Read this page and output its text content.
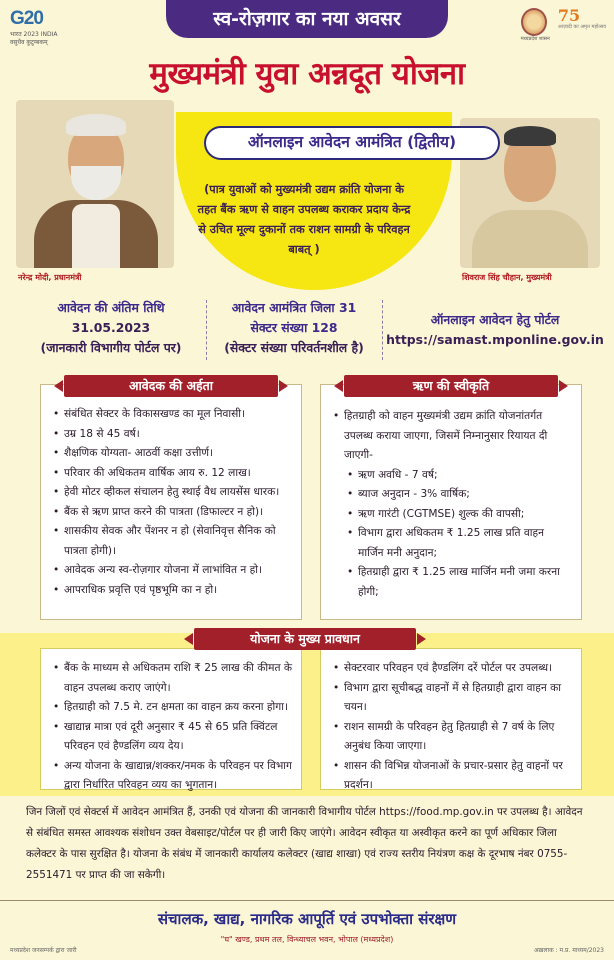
G20
भारत 2023 INDIA
वसुधैव कुटुम्बकम्	मध्यप्रदेश शासन
75
आज़ादी का अमृत महोत्सव
स्व-रोज़गार का नया अवसर
मुख्यमंत्री युवा अन्नदूत योजना
नरेन्द्र मोदी, प्रधानमंत्री	शिवराज सिंह चौहान, मुख्यमंत्री
ऑनलाइन आवेदन आमंत्रित (द्वितीय)
(पात्र युवाओं को मुख्यमंत्री उद्यम क्रांति योजना के तहत बैंक ऋण से वाहन उपलब्ध कराकर प्रदाय केन्द्र से उचित मूल्य दुकानों तक राशन सामग्री के परिवहन बाबत् )
आवेदन की अंतिम तिथि
31.05.2023
(जानकारी विभागीय पोर्टल पर)
आवेदन आमंत्रित जिला 31
सेक्टर संख्या 128
(सेक्टर संख्या परिवर्तनशील है)
ऑनलाइन आवेदन हेतु पोर्टल
https://samast.mponline.gov.in
• संबंधित सेक्टर के विकासखण्ड का मूल निवासी।
• उम्र 18 से 45 वर्ष।
• शैक्षणिक योग्यता- आठवीं कक्षा उत्तीर्ण।
• परिवार की अधिकतम वार्षिक आय रु. 12 लाख।
• हेवी मोटर व्हीकल संचालन हेतु स्थाई वैध लायसेंस धारक।
• बैंक से ऋण प्राप्त करने की पात्रता (डिफाल्टर न हो)।
• शासकीय सेवक और पेंशनर न हो (सेवानिवृत्त सैनिक को पात्रता होगी)।
• आवेदक अन्य स्व-रोज़गार योजना में लाभांवित न हो।
• आपराधिक प्रवृत्ति एवं पृष्ठभूमि का न हो।
आवेदक की अर्हता
• हितग्राही को वाहन मुख्यमंत्री उद्यम क्रांति योजनांतर्गत उपलब्ध कराया जाएगा, जिसमें निम्नानुसार रियायत दी जाएगी-
• ऋण अवधि - 7 वर्ष;
• ब्याज अनुदान - 3% वार्षिक;
• ऋण गारंटी (CGTMSE) शुल्क की वापसी;
• विभाग द्वारा अधिकतम ₹ 1.25 लाख प्रति वाहन मार्जिन मनी अनुदान;
• हितग्राही द्वारा ₹ 1.25 लाख मार्जिन मनी जमा करना होगी;
ऋण की स्वीकृति
• बैंक के माध्यम से अधिकतम राशि ₹ 25 लाख की कीमत के वाहन उपलब्ध कराए जाएंगे।
• हितग्राही को 7.5 मे. टन क्षमता का वाहन क्रय करना होगा।
• खाद्यान्न मात्रा एवं दूरी अनुसार ₹ 45 से 65 प्रति क्विंटल परिवहन एवं हैण्डलिंग व्यय देय।
• अन्य योजना के खाद्यान्न/शक्कर/नमक के परिवहन पर विभाग द्वारा निर्धारित परिवहन व्यय का भुगतान।
• सेक्टरवार परिवहन एवं हैण्डलिंग दरें पोर्टल पर उपलब्ध।
• विभाग द्वारा सूचीबद्ध वाहनों में से हितग्राही द्वारा वाहन का चयन।
• राशन सामग्री के परिवहन हेतु हितग्राही से 7 वर्ष के लिए अनुबंध किया जाएगा।
• शासन की विभिन्न योजनाओं के प्रचार-प्रसार हेतु वाहनों पर प्रदर्शन।
योजना के मुख्य प्रावधान
जिन जिलों एवं सेक्टर्स में आवेदन आमंत्रित हैं, उनकी एवं योजना की जानकारी विभागीय पोर्टल https://food.mp.gov.in पर उपलब्ध है। आवेदन से संबंधित समस्त आवश्यक संशोधन उक्त वेबसाइट/पोर्टल पर ही जारी किए जाएंगे। आवेदन स्वीकृत या अस्वीकृत करने का पूर्ण अधिकार जिला कलेक्टर के पास सुरक्षित है। योजना के संबंध में जानकारी कार्यालय कलेक्टर (खाद्य शाखा) एवं राज्य स्तरीय नियंत्रण कक्ष के दूरभाष नंबर 0755-2551471 पर प्राप्त की जा सकेगी।
संचालक, खाद्य, नागरिक आपूर्ति एवं उपभोक्ता संरक्षण
"घ" खण्ड, प्रथम तल, विन्ध्याचल भवन, भोपाल (मध्यप्रदेश)
मध्यप्रदेश जनसम्पर्क द्वारा जारी	अख़लाक : म.प्र. माध्यम/2023
